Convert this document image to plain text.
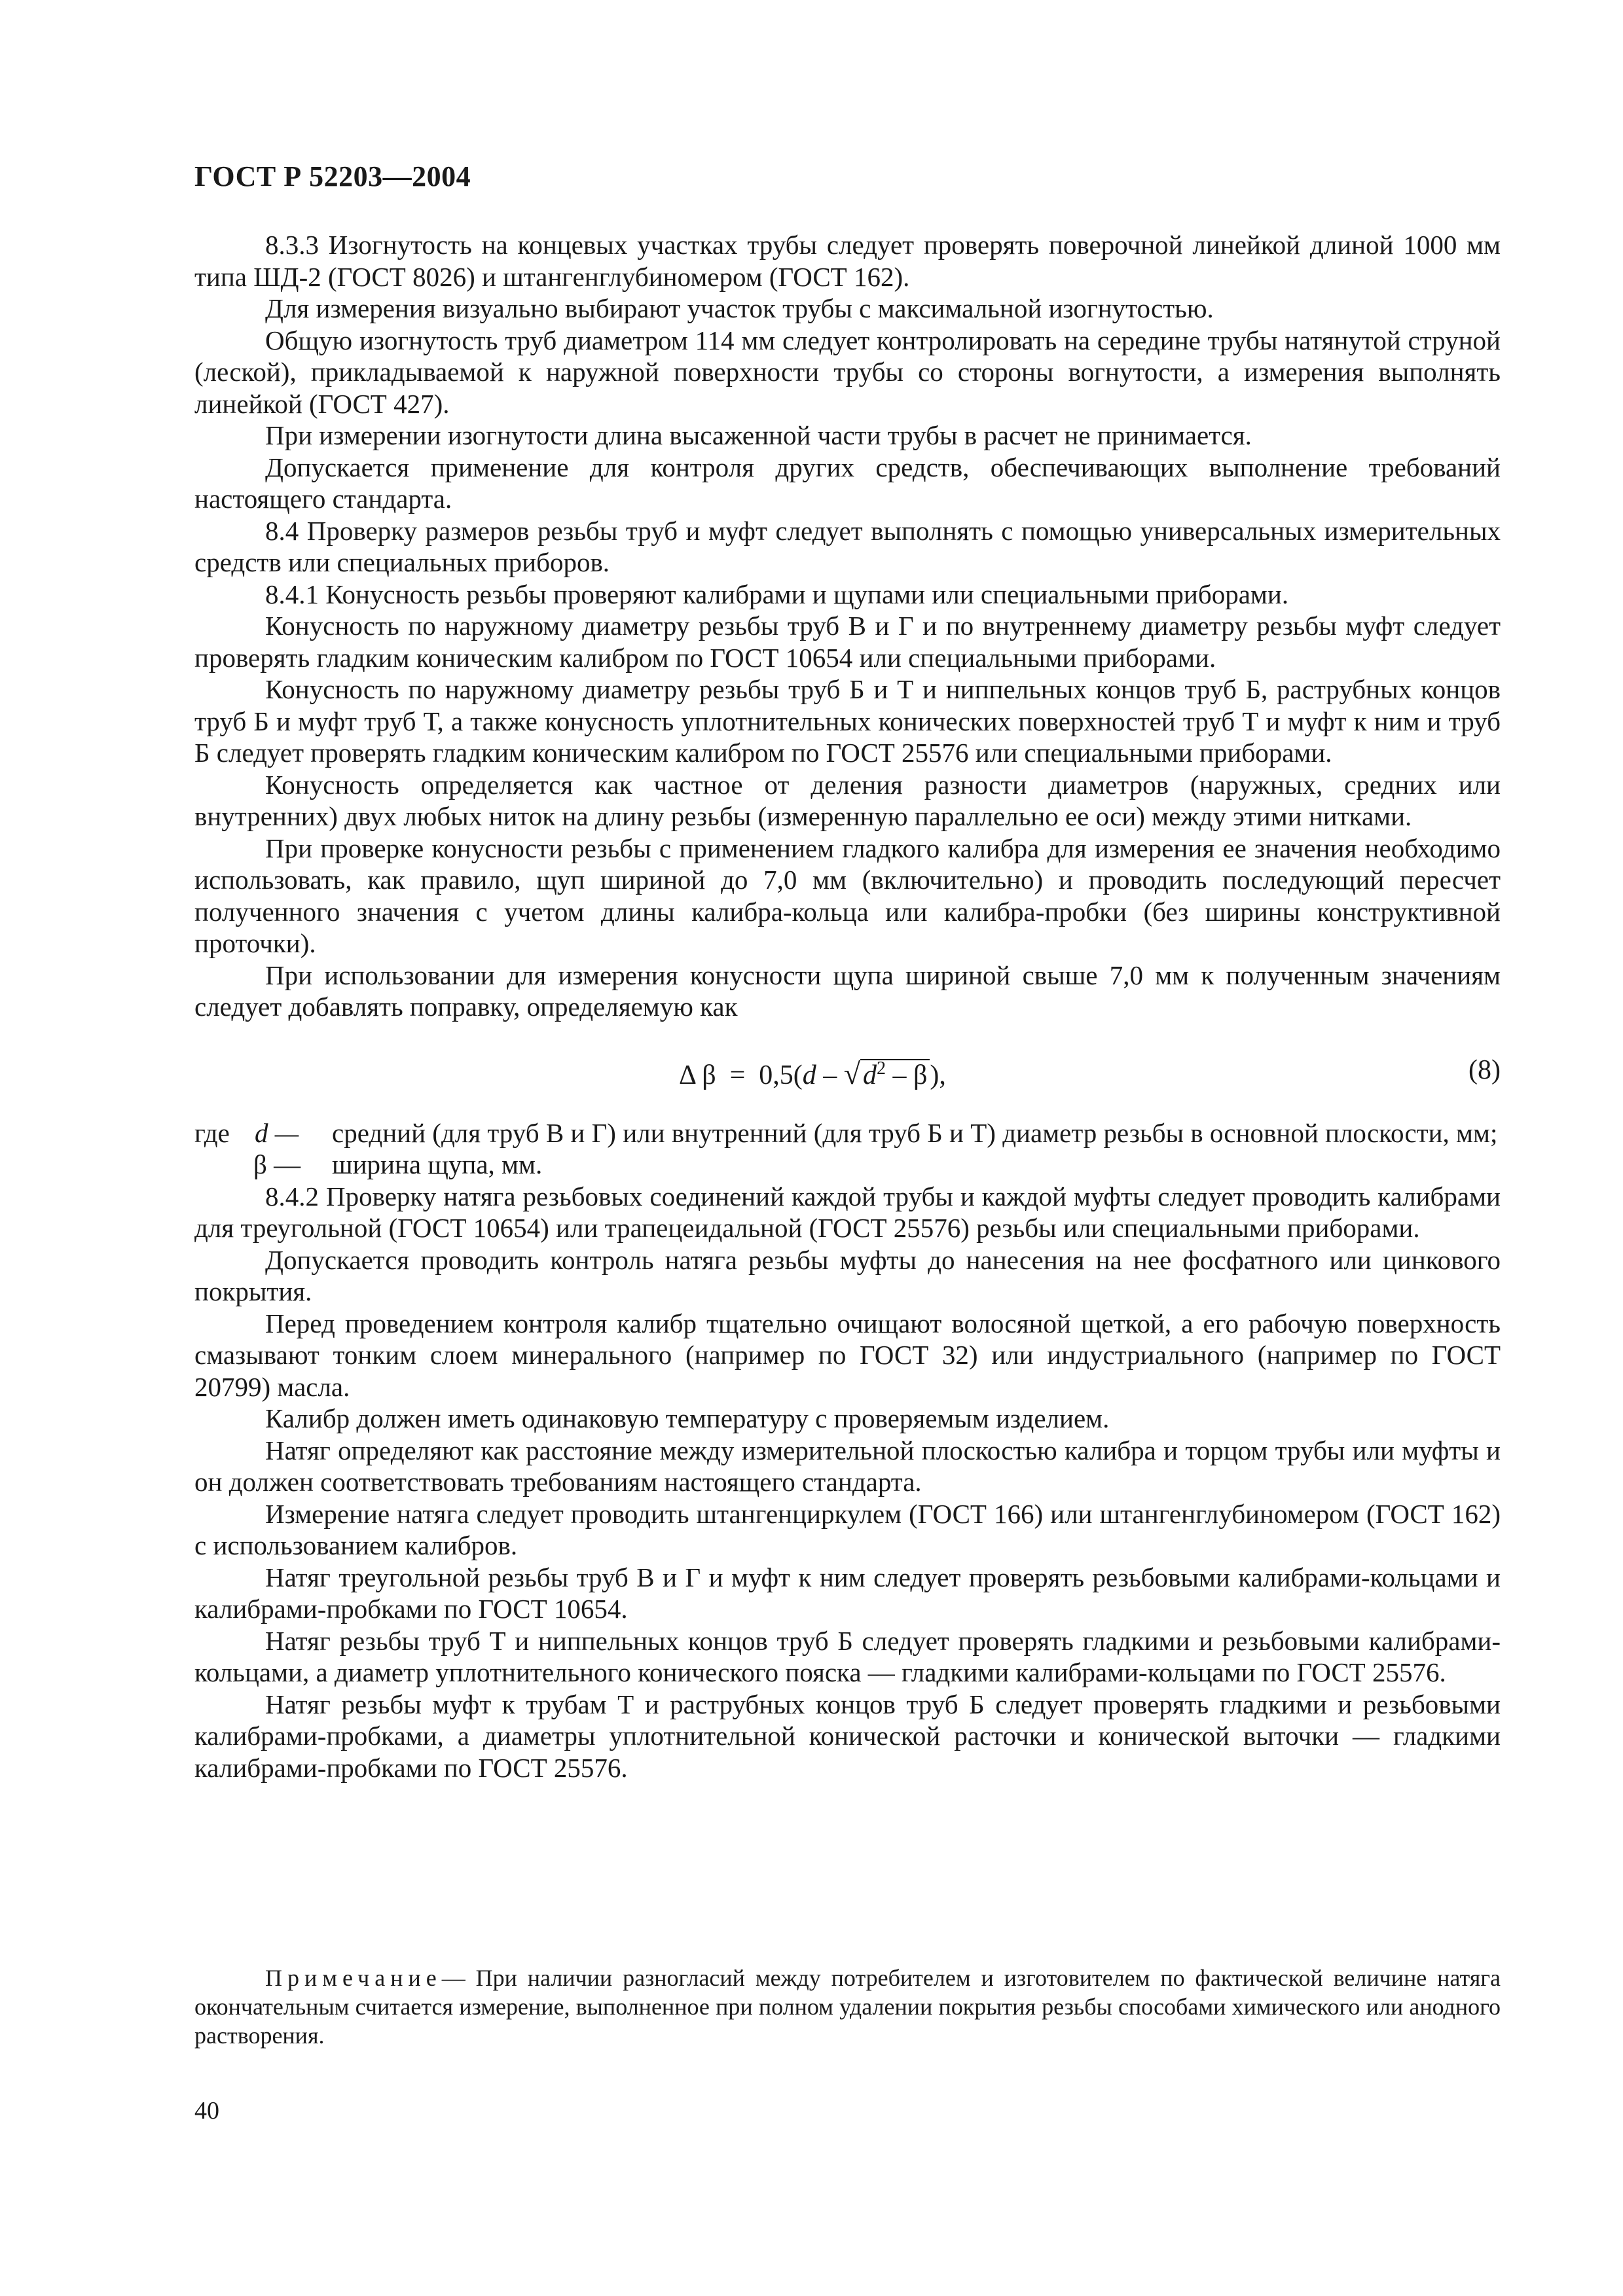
ГОСТ Р 52203—2004

8.3.3 Изогнутость на концевых участках трубы следует проверять поверочной линейкой длиной 1000 мм типа ШД-2 (ГОСТ 8026) и штангенглубиномером (ГОСТ 162).

Для измерения визуально выбирают участок трубы с максимальной изогнутостью.

Общую изогнутость труб диаметром 114 мм следует контролировать на середине трубы натянутой струной (леской), прикладываемой к наружной поверхности трубы со стороны вогнутости, а измерения выполнять линейкой (ГОСТ 427).

При измерении изогнутости длина высаженной части трубы в расчет не принимается.

Допускается применение для контроля других средств, обеспечивающих выполнение требований настоящего стандарта.

8.4 Проверку размеров резьбы труб и муфт следует выполнять с помощью универсальных измерительных средств или специальных приборов.

8.4.1 Конусность резьбы проверяют калибрами и щупами или специальными приборами.

Конусность по наружному диаметру резьбы труб В и Г и по внутреннему диаметру резьбы муфт следует проверять гладким коническим калибром по ГОСТ 10654 или специальными приборами.

Конусность по наружному диаметру резьбы труб Б и Т и ниппельных концов труб Б, раструбных концов труб Б и муфт труб Т, а также конусность уплотнительных конических поверхностей труб Т и муфт к ним и труб Б следует проверять гладким коническим калибром по ГОСТ 25576 или специальными приборами.

Конусность определяется как частное от деления разности диаметров (наружных, средних или внутренних) двух любых ниток на длину резьбы (измеренную параллельно ее оси) между этими нитками.

При проверке конусности резьбы с применением гладкого калибра для измерения ее значения необходимо использовать, как правило, щуп шириной до 7,0 мм (включительно) и проводить последующий пересчет полученного значения с учетом длины калибра-кольца или калибра-пробки (без ширины конструктивной проточки).

При использовании для измерения конусности щупа шириной свыше 7,0 мм к полученным значениям следует добавлять поправку, определяемую как

Δ $\beta = 0,5(d - √d^2 - \beta)$,	(8)
где d —	средний (для труб В и Г) или внутренний (для труб Б и Т) диаметр резьбы в основной плоскости, мм;
β —	ширина щупа, мм.

8.4.2 Проверку натяга резьбовых соединений каждой трубы и каждой муфты следует проводить калибрами для треугольной (ГОСТ 10654) или трапецеидальной (ГОСТ 25576) резьбы или специальными приборами.

Допускается проводить контроль натяга резьбы муфты до нанесения на нее фосфатного или цинкового покрытия.

Перед проведением контроля калибр тщательно очищают волосяной щеткой, а его рабочую поверхность смазывают тонким слоем минерального (например по ГОСТ 32) или индустриального (например по ГОСТ 20799) масла.

Калибр должен иметь одинаковую температуру с проверяемым изделием.

Натяг определяют как расстояние между измерительной плоскостью калибра и торцом трубы или муфты и он должен соответствовать требованиям настоящего стандарта.

Измерение натяга следует проводить штангенциркулем (ГОСТ 166) или штангенглубиномером (ГОСТ 162) с использованием калибров.

Натяг треугольной резьбы труб В и Г и муфт к ним следует проверять резьбовыми калибрами-кольцами и калибрами-пробками по ГОСТ 10654.

Натяг резьбы труб Т и ниппельных концов труб Б следует проверять гладкими и резьбовыми калибрами-кольцами, а диаметр уплотнительного конического пояска — гладкими калибрами-кольцами по ГОСТ 25576.

Натяг резьбы муфт к трубам Т и раструбных концов труб Б следует проверять гладкими и резьбовыми калибрами-пробками, а диаметры уплотнительной конической расточки и конической выточки — гладкими калибрами-пробками по ГОСТ 25576.

Примечание— При наличии разногласий между потребителем и изготовителем по фактической величине натяга окончательным считается измерение, выполненное при полном удалении покрытия резьбы способами химического или анодного растворения.
40
